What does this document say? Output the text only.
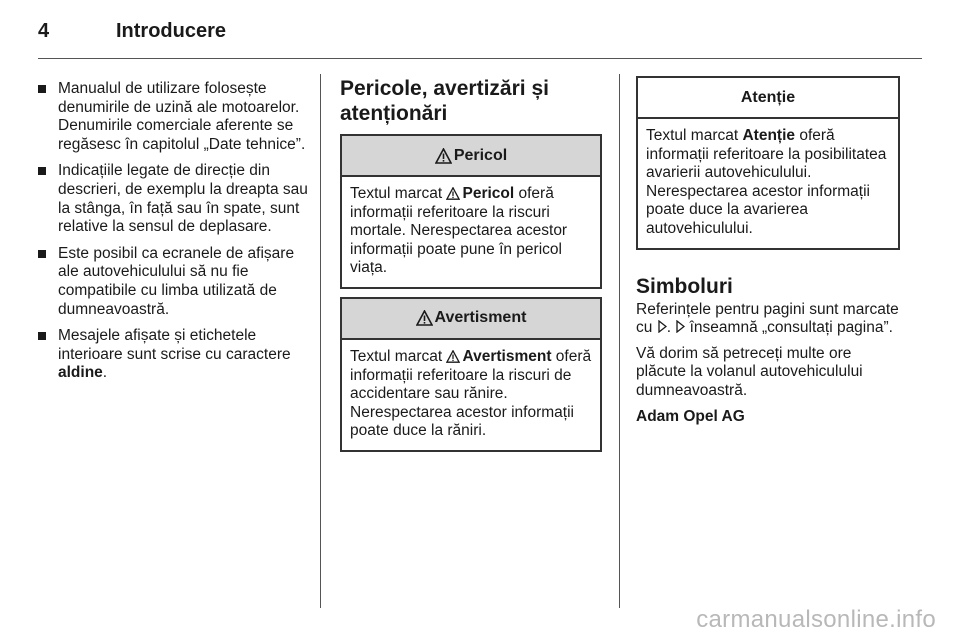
4	Introducere
Manualul de utilizare folosește denumirile de uzină ale motoarelor. Denumirile comerciale aferente se regăsesc în capitolul „Date tehnice”.
Indicațiile legate de direcție din descrieri, de exemplu la dreapta sau la stânga, în față sau în spate, sunt relative la sensul de deplasare.
Este posibil ca ecranele de afișare ale autovehiculului să nu fie compatibile cu limba utilizată de dumneavoastră.
Mesajele afișate și etichetele interioare sunt scrise cu caractere aldine.
Pericole, avertizări și atenționări
Pericol
Textul marcat Pericol oferă informații referitoare la riscuri mortale. Nerespectarea acestor informații poate pune în pericol viața.
Avertisment
Textul marcat Avertisment oferă informații referitoare la riscuri de accidentare sau rănire. Nerespectarea acestor informații poate duce la răniri.
Atenție
Textul marcat Atenție oferă informații referitoare la posibilitatea avarierii autovehiculului. Nerespectarea acestor informații poate duce la avarierea autovehiculului.
Simboluri

Referințele pentru pagini sunt marcate cu .  înseamnă „consultați pagina”.

Vă dorim să petreceți multe ore plăcute la volanul autovehiculului dumneavoastră.

Adam Opel AG

carmanualsonline.info
